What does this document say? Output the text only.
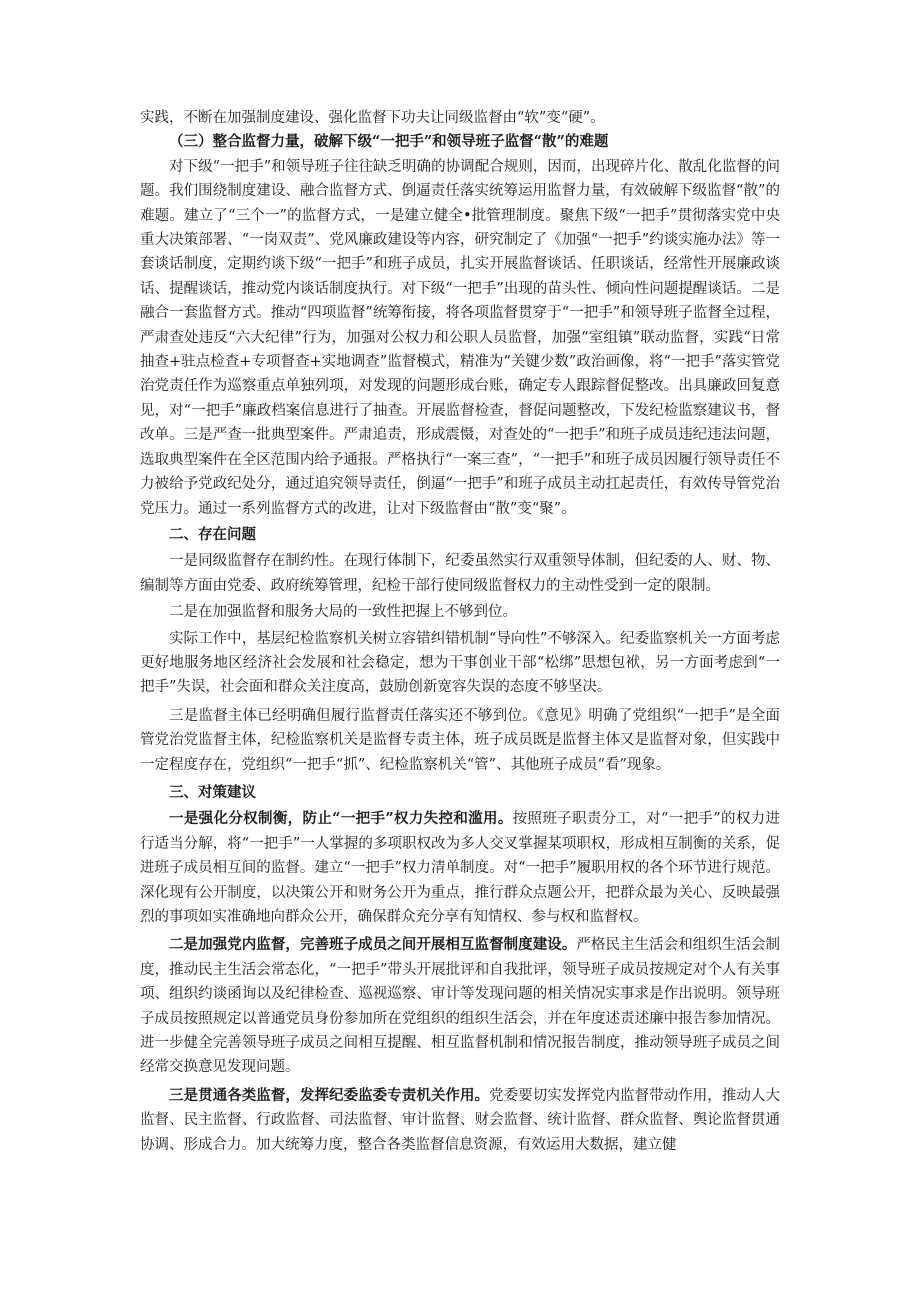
实践，不断在加强制度建设、强化监督下功夫让同级监督由“软”变“硬”。

（三）整合监督力量，破解下级“一把手”和领导班子监督“散”的难题

对下级“一把手”和领导班子往往缺乏明确的协调配合规则，因而，出现碎片化、散乱化监督的问题。我们围绕制度建设、融合监督方式、倒逼责任落实统筹运用监督力量，有效破解下级监督“散”的难题。建立了“三个一”的监督方式，一是建立健全•批管理制度。聚焦下级“一把手”贯彻落实党中央重大决策部署、“一岗双责”、党风廉政建设等内容，研究制定了《加强“一把手”约谈实施办法》等一套谈话制度，定期约谈下级“一把手”和班子成员，扎实开展监督谈话、任职谈话，经常性开展廉政谈话、提醒谈话，推动党内谈话制度执行。对下级“一把手”出现的苗头性、倾向性问题提醒谈话。二是融合一套监督方式。推动“四项监督”统筹衔接，将各项监督贯穿于“一把手”和领导班子监督全过程，严肃查处违反“六大纪律”行为，加强对公权力和公职人员监督，加强“室组镇”联动监督，实践“日常抽查+驻点检查+专项督查+实地调查”监督模式，精准为“关键少数”政治画像，将“一把手”落实管党治党责任作为巡察重点单独列项，对发现的问题形成台账，确定专人跟踪督促整改。出具廉政回复意见，对“一把手”廉政档案信息进行了抽查。开展监督检查，督促问题整改，下发纪检监察建议书，督改单。三是严查一批典型案件。严肃追责，形成震慑，对查处的“一把手”和班子成员违纪违法问题，选取典型案件在全区范围内给予通报。严格执行“一案三查”，“一把手”和班子成员因履行领导责任不力被给予党政纪处分，通过追究领导责任，倒逼“一把手”和班子成员主动扛起责任，有效传导管党治党压力。通过一系列监督方式的改进，让对下级监督由“散”变“聚”。

二、存在问题

一是同级监督存在制约性。在现行体制下，纪委虽然实行双重领导体制，但纪委的人、财、物、编制等方面由党委、政府统筹管理，纪检干部行使同级监督权力的主动性受到一定的限制。

二是在加强监督和服务大局的一致性把握上不够到位。

实际工作中，基层纪检监察机关树立容错纠错机制“导向性”不够深入。纪委监察机关一方面考虑更好地服务地区经济社会发展和社会稳定，想为干事创业干部“松绑”思想包袱，另一方面考虑到“一把手”失误，社会面和群众关注度高，鼓励创新宽容失误的态度不够坚决。

三是监督主体已经明确但履行监督责任落实还不够到位。《意见》明确了党组织“一把手”是全面管党治党监督主体，纪检监察机关是监督专责主体，班子成员既是监督主体又是监督对象，但实践中一定程度存在，党组织“一把手“抓”、纪检监察机关“管”、其他班子成员“看”现象。

三、对策建议

一是强化分权制衡，防止“一把手”权力失控和滥用。按照班子职责分工，对“一把手”的权力进行适当分解，将“一把手”一人掌握的多项职权改为多人交叉掌握某项职权，形成相互制衡的关系，促进班子成员相互间的监督。建立“一把手”权力清单制度。对“一把手”履职用权的各个环节进行规范。深化现有公开制度，以决策公开和财务公开为重点，推行群众点题公开，把群众最为关心、反映最强烈的事项如实准确地向群众公开，确保群众充分享有知情权、参与权和监督权。

二是加强党内监督，完善班子成员之间开展相互监督制度建设。严格民主生活会和组织生活会制度，推动民主生活会常态化，“一把手”带头开展批评和自我批评，领导班子成员按规定对个人有关事项、组织约谈函询以及纪律检查、巡视巡察、审计等发现问题的相关情况实事求是作出说明。领导班子成员按照规定以普通党员身份参加所在党组织的组织生活会，并在年度述责述廉中报告参加情况。进一步健全完善领导班子成员之间相互提醒、相互监督机制和情况报告制度，推动领导班子成员之间经常交换意见发现问题。

三是贯通各类监督，发挥纪委监委专责机关作用。党委要切实发挥党内监督带动作用，推动人大监督、民主监督、行政监督、司法监督、审计监督、财会监督、统计监督、群众监督、舆论监督贯通协调、形成合力。加大统筹力度，整合各类监督信息资源，有效运用大数据，建立健
